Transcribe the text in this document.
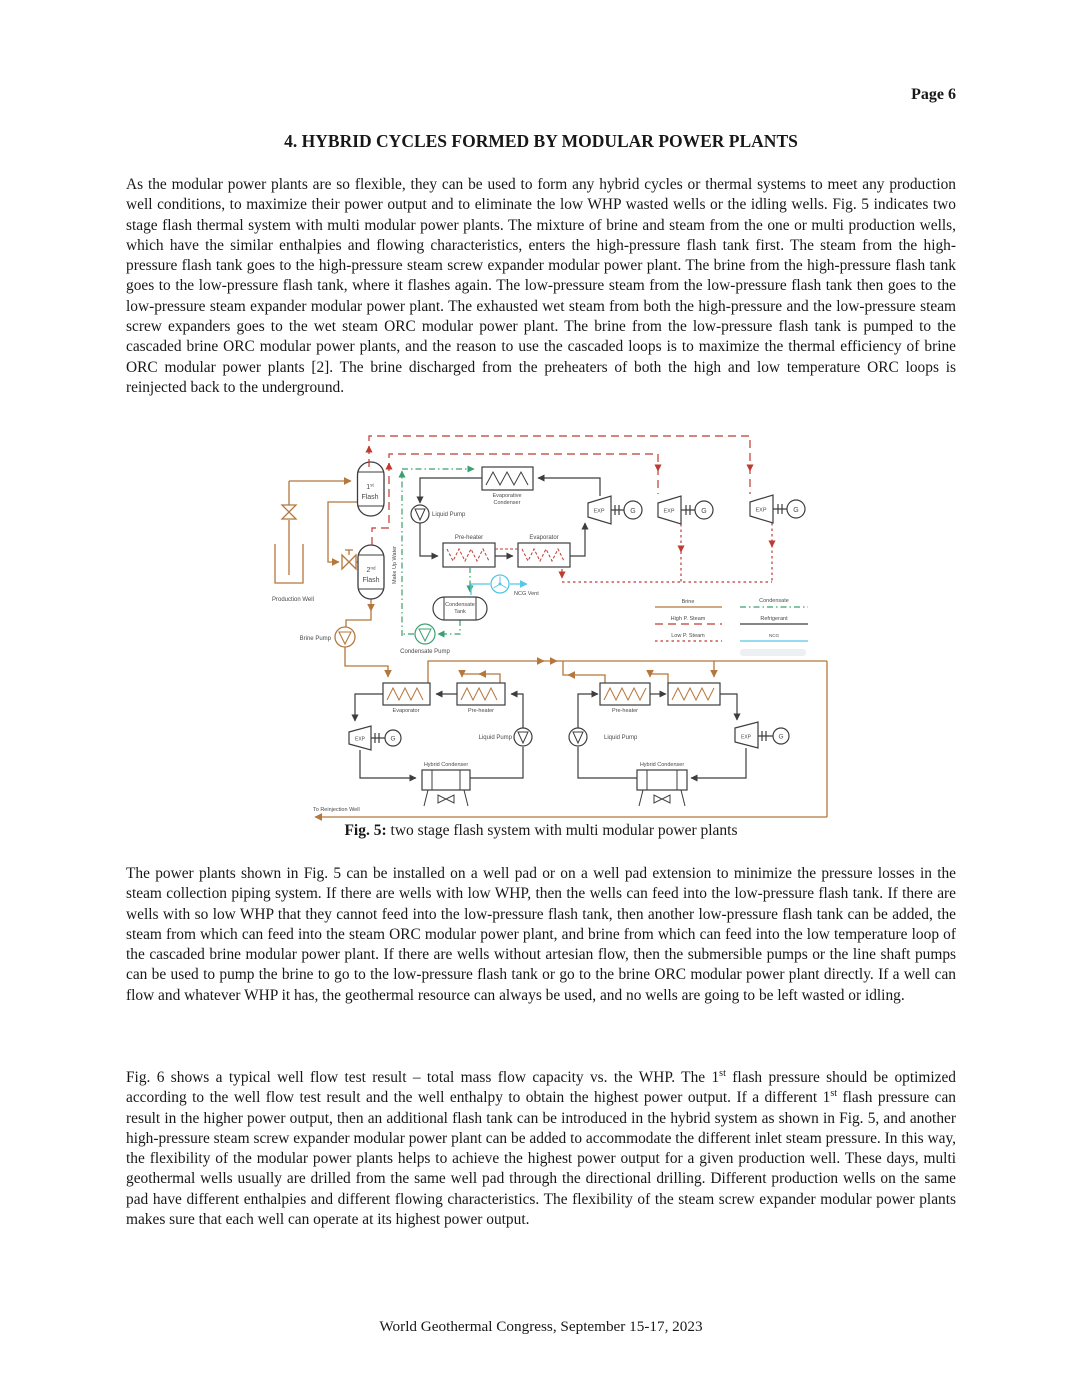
Page 6
4. HYBRID CYCLES FORMED BY MODULAR POWER PLANTS
As the modular power plants are so flexible, they can be used to form any hybrid cycles or thermal systems to meet any production well conditions, to maximize their power output and to eliminate the low WHP wasted wells or the idling wells. Fig. 5 indicates two stage flash thermal system with multi modular power plants. The mixture of brine and steam from the one or multi production wells, which have the similar enthalpies and flowing characteristics, enters the high-pressure flash tank first. The steam from the high-pressure flash tank goes to the high-pressure steam screw expander modular power plant. The brine from the high-pressure flash tank goes to the low-pressure flash tank, where it flashes again. The low-pressure steam from the low-pressure flash tank then goes to the low-pressure steam expander modular power plant. The exhausted wet steam from both the high-pressure and the low-pressure steam screw expanders goes to the wet steam ORC modular power plant. The brine from the low-pressure flash tank is pumped to the cascaded brine ORC modular power plants, and the reason to use the cascaded loops is to maximize the thermal efficiency of brine ORC modular power plants [2]. The brine discharged from the preheaters of both the high and low temperature ORC loops is reinjected back to the underground.
1st
Flash
2nd
Flash
Evaporative
Condenser
Liquid Pump
Pre-heater	Evaporator
EXP	G	EXP	G	EXP	G
Make Up Water
Condensate Pump
Condensate
Tank
NCG Vent
Production Well
Brine Pump
Brine
High P. Steam
Low P. Steam
Condensate
Refrigerant
NCG
To Reinjection Well
Evaporator	Pre-heater
EXP	G	Liquid Pump
Hybrid Condenser
Pre-heater
Liquid Pump	EXP	G
Hybrid Condenser
Fig. 5: two stage flash system with multi modular power plants
The power plants shown in Fig. 5 can be installed on a well pad or on a well pad extension to minimize the pressure losses in the steam collection piping system. If there are wells with low WHP, then the wells can feed into the low-pressure flash tank. If there are wells with so low WHP that they cannot feed into the low-pressure flash tank, then another low-pressure flash tank can be added, the steam from which can feed into the steam ORC modular power plant, and brine from which can feed into the low temperature loop of the cascaded brine modular power plant. If there are wells without artesian flow, then the submersible pumps or the line shaft pumps can be used to pump the brine to go to the low-pressure flash tank or go to the brine ORC modular power plant directly. If a well can flow and whatever WHP it has, the geothermal resource can always be used, and no wells are going to be left wasted or idling.
Fig. 6 shows a typical well flow test result – total mass flow capacity vs. the WHP. The 1st flash pressure should be optimized according to the well flow test result and the well enthalpy to obtain the highest power output. If a different 1st flash pressure can result in the higher power output, then an additional flash tank can be introduced in the hybrid system as shown in Fig. 5, and another high-pressure steam screw expander modular power plant can be added to accommodate the different inlet steam pressure. In this way, the flexibility of the modular power plants helps to achieve the highest power output for a given production well. These days, multi geothermal wells usually are drilled from the same well pad through the directional drilling. Different production wells on the same pad have different enthalpies and different flowing characteristics. The flexibility of the steam screw expander modular power plants makes sure that each well can operate at its highest power output.
World Geothermal Congress, September 15-17, 2023
